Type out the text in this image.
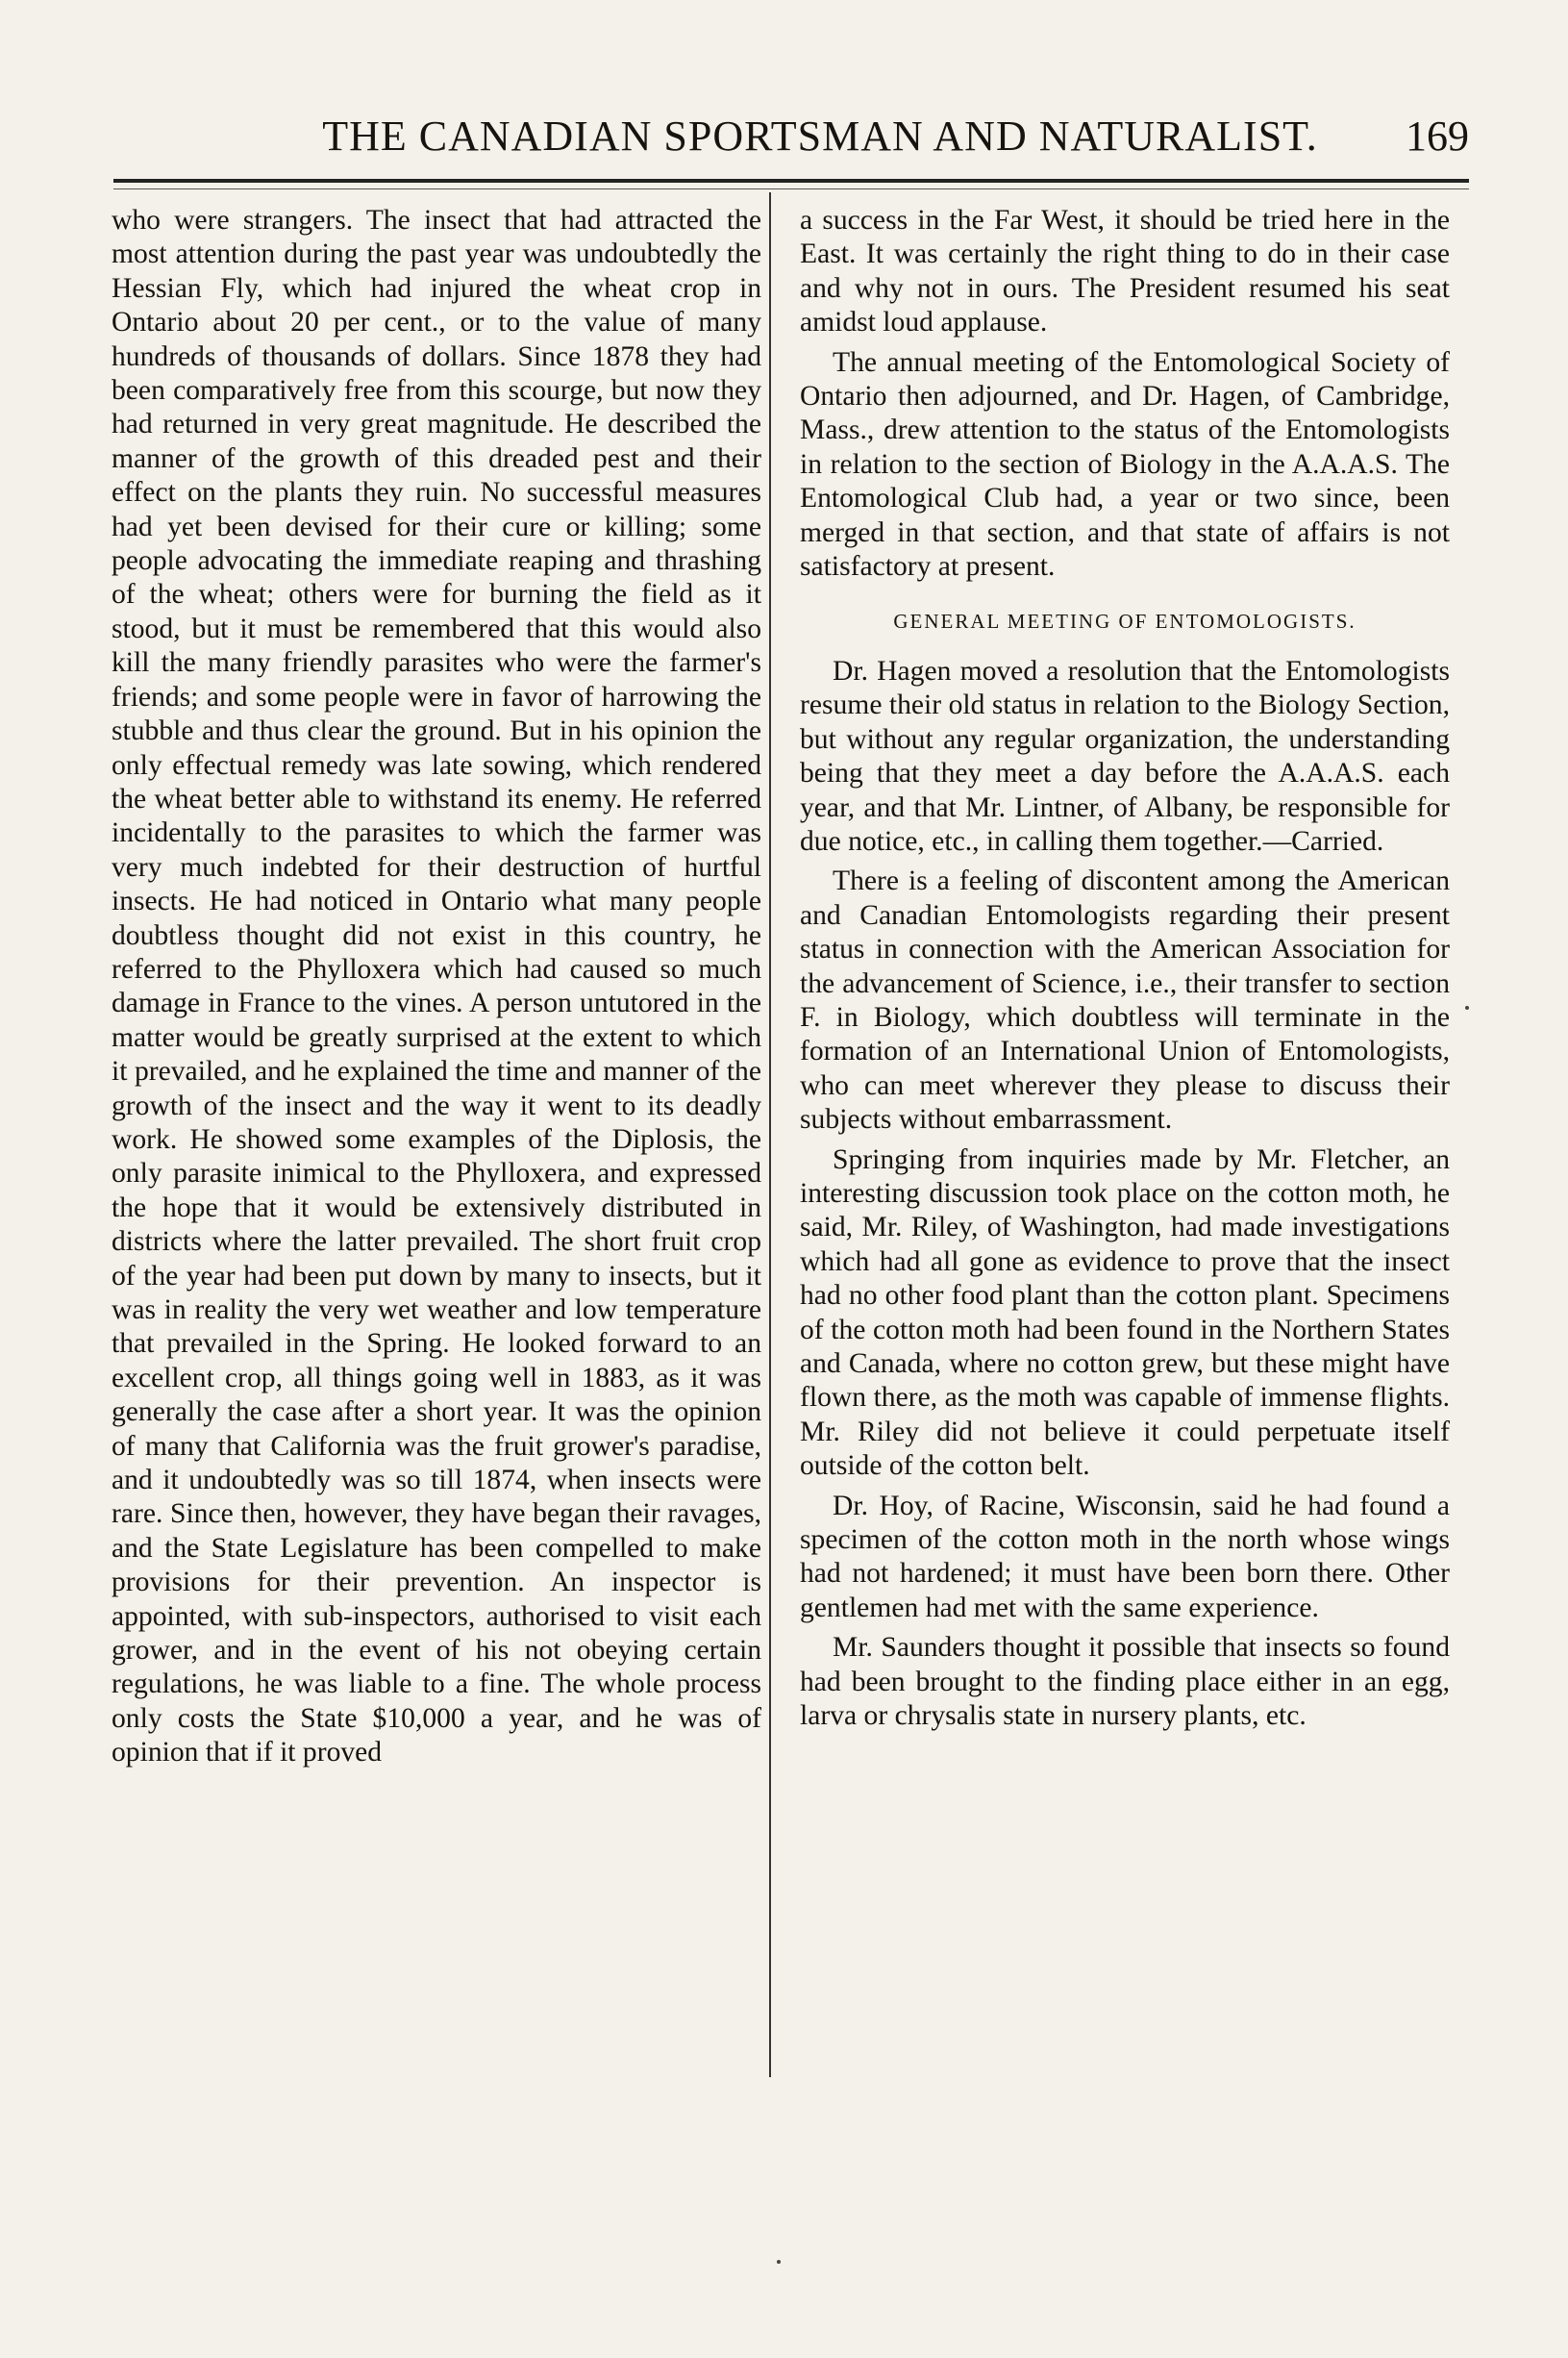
THE CANADIAN SPORTSMAN AND NATURALIST.	169

who were strangers. The insect that had attracted the most attention during the past year was undoubtedly the Hessian Fly, which had injured the wheat crop in Ontario about 20 per cent., or to the value of many hundreds of thousands of dollars. Since 1878 they had been comparatively free from this scourge, but now they had returned in very great magnitude. He described the manner of the growth of this dreaded pest and their effect on the plants they ruin. No successful measures had yet been devised for their cure or killing; some people advocating the immediate reaping and thrashing of the wheat; others were for burning the field as it stood, but it must be remembered that this would also kill the many friendly parasites who were the farmer's friends; and some people were in favor of harrowing the stubble and thus clear the ground. But in his opinion the only effectual remedy was late sowing, which rendered the wheat better able to withstand its enemy. He referred incidentally to the parasites to which the farmer was very much indebted for their destruction of hurtful insects. He had noticed in Ontario what many people doubtless thought did not exist in this country, he referred to the Phylloxera which had caused so much damage in France to the vines. A person untutored in the matter would be greatly surprised at the extent to which it prevailed, and he explained the time and manner of the growth of the insect and the way it went to its deadly work. He showed some examples of the Diplosis, the only parasite inimical to the Phylloxera, and expressed the hope that it would be extensively distributed in districts where the latter prevailed. The short fruit crop of the year had been put down by many to insects, but it was in reality the very wet weather and low temperature that prevailed in the Spring. He looked forward to an excellent crop, all things going well in 1883, as it was generally the case after a short year. It was the opinion of many that California was the fruit grower's paradise, and it undoubtedly was so till 1874, when insects were rare. Since then, however, they have began their ravages, and the State Legislature has been compelled to make provisions for their prevention. An inspector is appointed, with sub-inspectors, authorised to visit each grower, and in the event of his not obeying certain regulations, he was liable to a fine. The whole process only costs the State $10,000 a year, and he was of opinion that if it proved

a success in the Far West, it should be tried here in the East. It was certainly the right thing to do in their case and why not in ours. The President resumed his seat amidst loud applause.

The annual meeting of the Entomological Society of Ontario then adjourned, and Dr. Hagen, of Cambridge, Mass., drew attention to the status of the Entomologists in relation to the section of Biology in the A.A.A.S. The Entomological Club had, a year or two since, been merged in that section, and that state of affairs is not satisfactory at present.

GENERAL MEETING OF ENTOMOLOGISTS.

Dr. Hagen moved a resolution that the Entomologists resume their old status in relation to the Biology Section, but without any regular organization, the understanding being that they meet a day before the A.A.A.S. each year, and that Mr. Lintner, of Albany, be responsible for due notice, etc., in calling them together.—Carried.

There is a feeling of discontent among the American and Canadian Entomologists regarding their present status in connection with the American Association for the advancement of Science, i.e., their transfer to section F. in Biology, which doubtless will terminate in the formation of an International Union of Entomologists, who can meet wherever they please to discuss their subjects without embarrassment.

Springing from inquiries made by Mr. Fletcher, an interesting discussion took place on the cotton moth, he said, Mr. Riley, of Washington, had made investigations which had all gone as evidence to prove that the insect had no other food plant than the cotton plant. Specimens of the cotton moth had been found in the Northern States and Canada, where no cotton grew, but these might have flown there, as the moth was capable of immense flights. Mr. Riley did not believe it could perpetuate itself outside of the cotton belt.

Dr. Hoy, of Racine, Wisconsin, said he had found a specimen of the cotton moth in the north whose wings had not hardened; it must have been born there. Other gentlemen had met with the same experience.

Mr. Saunders thought it possible that insects so found had been brought to the finding place either in an egg, larva or chrysalis state in nursery plants, etc.
